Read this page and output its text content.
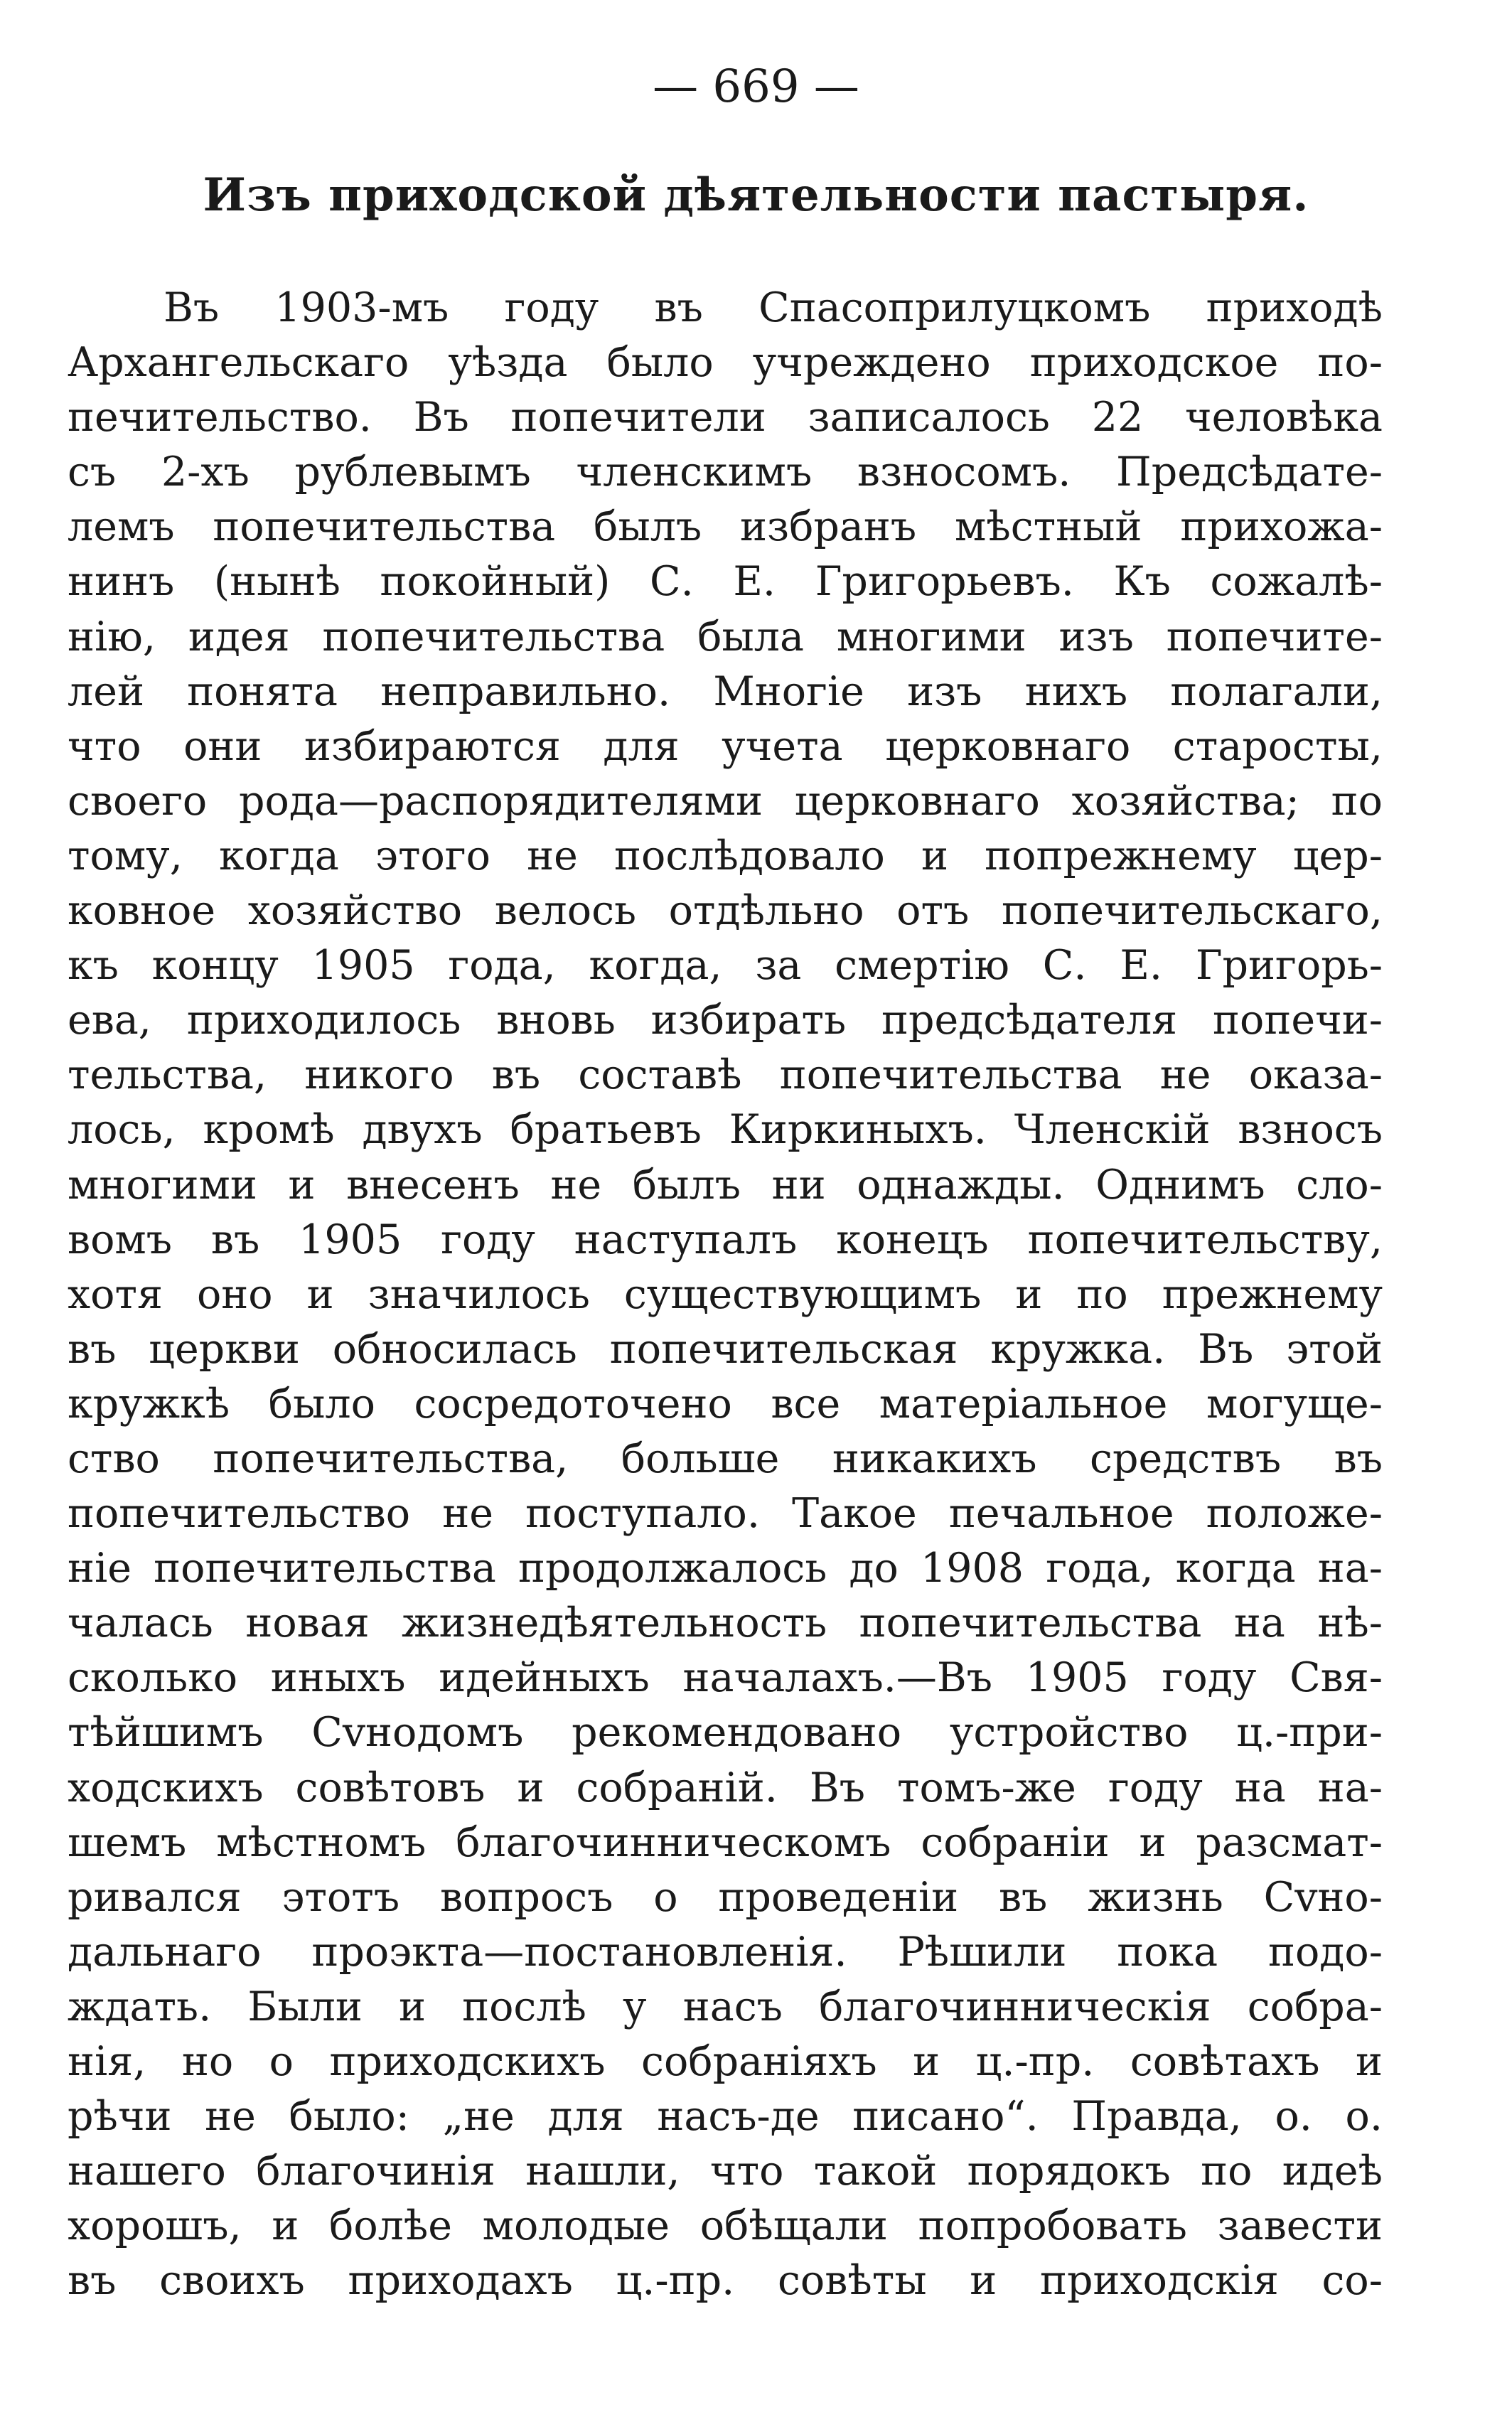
— 669 —
Изъ приходской дѣятельности пастыря.
Въ 1903-мъ году въ Спасоприлуцкомъ приходѣ
Архангельскаго уѣзда было учреждено приходское по-
печительство. Въ попечители записалось 22 человѣка
съ 2-хъ рублевымъ членскимъ взносомъ. Предсѣдате-
лемъ попечительства былъ избранъ мѣстный прихожа-
нинъ (нынѣ покойный) С. Е. Григорьевъ. Къ сожалѣ-
нію, идея попечительства была многими изъ попечите-
лей понята неправильно. Многіе изъ нихъ полагали,
что они избираются для учета церковнаго старосты,
своего рода—распорядителями церковнаго хозяйства; по
тому, когда этого не послѣдовало и попрежнему цер-
ковное хозяйство велось отдѣльно отъ попечительскаго,
къ концу 1905 года, когда, за смертію С. Е. Григорь-
ева, приходилось вновь избирать предсѣдателя попечи-
тельства, никого въ составѣ попечительства не оказа-
лось, кромѣ двухъ братьевъ Киркиныхъ. Членскій взносъ
многими и внесенъ не былъ ни однажды. Однимъ сло-
вомъ въ 1905 году наступалъ конецъ попечительству,
хотя оно и значилось существующимъ и по прежнему
въ церкви обносилась попечительская кружка. Въ этой
кружкѣ было сосредоточено все матеріальное могуще-
ство попечительства, больше никакихъ средствъ въ
попечительство не поступало. Такое печальное положе-
ніе попечительства продолжалось до 1908 года, когда на-
чалась новая жизнедѣятельность попечительства на нѣ-
сколько иныхъ идейныхъ началахъ.—Въ 1905 году Свя-
тѣйшимъ Сvнодомъ рекомендовано устройство ц.-при-
ходскихъ совѣтовъ и собраній. Въ томъ-же году на на-
шемъ мѣстномъ благочинническомъ собраніи и разсмат-
ривался этотъ вопросъ о проведеніи въ жизнь Сvно-
дальнаго проэкта—постановленія. Рѣшили пока подо-
ждать. Были и послѣ у насъ благочинническія собра-
нія, но о приходскихъ собраніяхъ и ц.-пр. совѣтахъ и
рѣчи не было: „не для насъ-де писано“. Правда, о. о.
нашего благочинія нашли, что такой порядокъ по идеѣ
хорошъ, и болѣе молодые обѣщали попробовать завести
въ своихъ приходахъ ц.-пр. совѣты и приходскія со-
